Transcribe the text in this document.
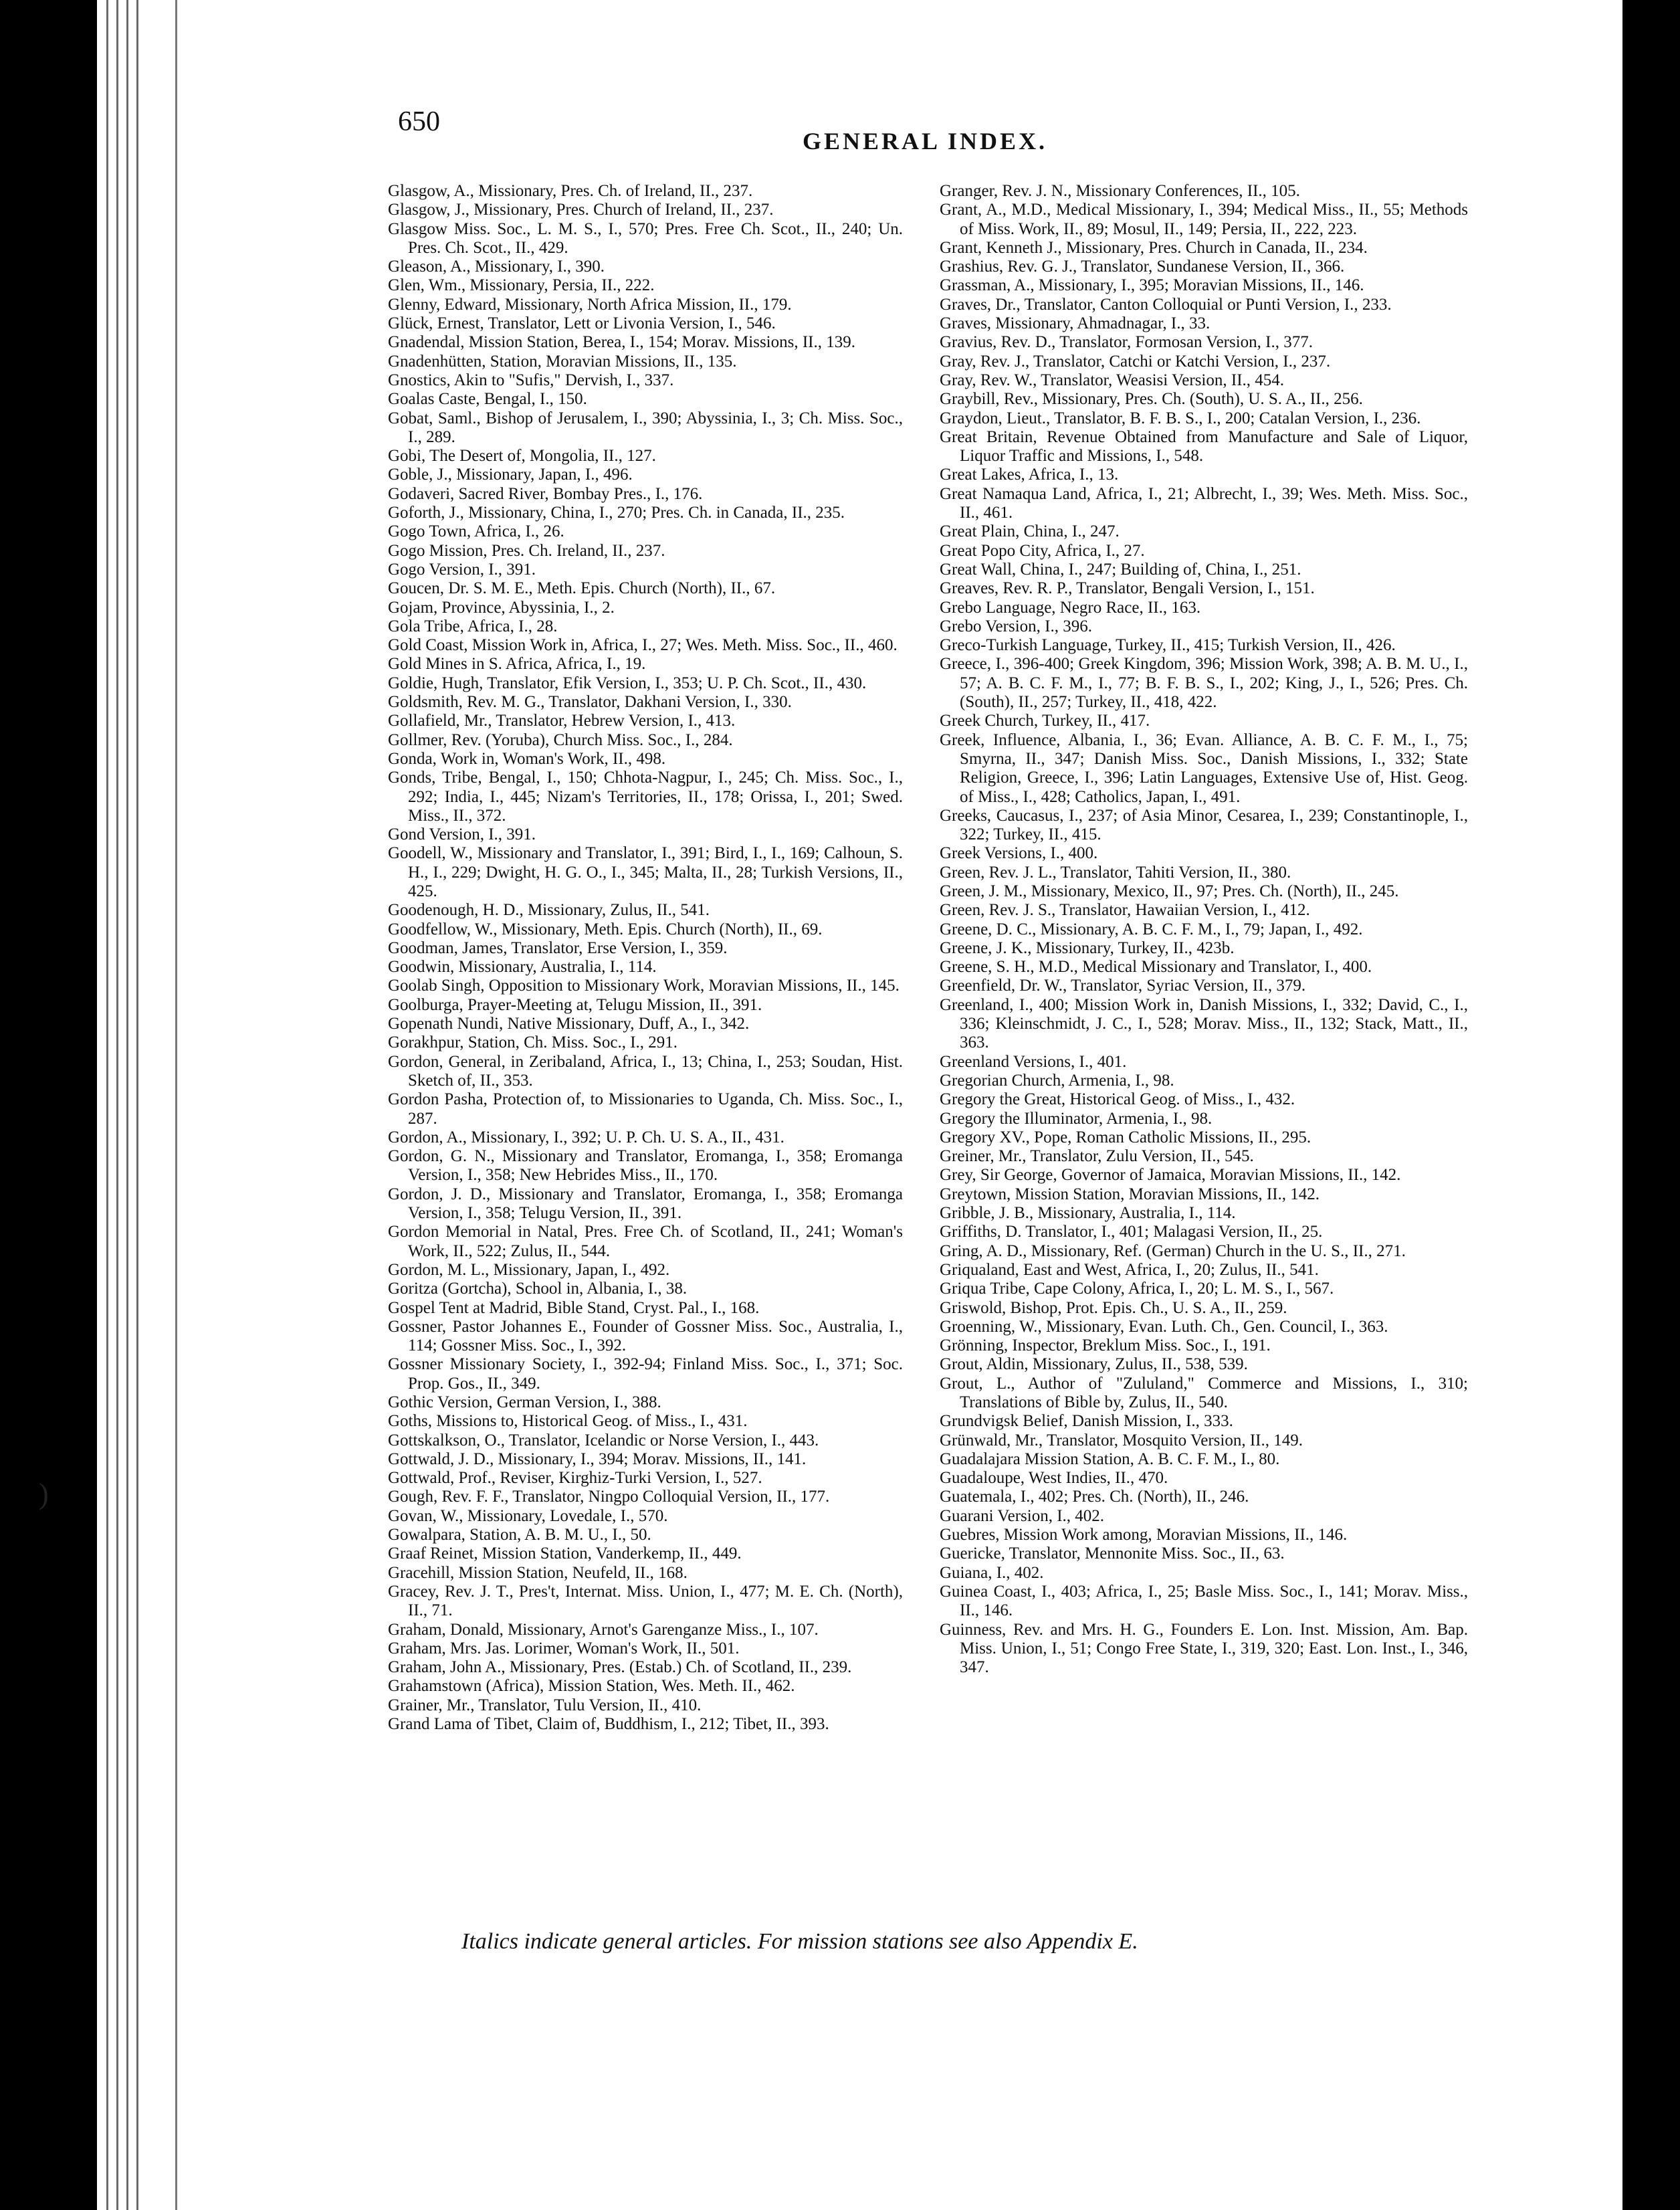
)
650
GENERAL INDEX.

Glasgow, A., Missionary, Pres. Ch. of Ireland, II., 237.

Glasgow, J., Missionary, Pres. Church of Ireland, II., 237.

Glasgow Miss. Soc., L. M. S., I., 570; Pres. Free Ch. Scot., II., 240; Un. Pres. Ch. Scot., II., 429.

Gleason, A., Missionary, I., 390.

Glen, Wm., Missionary, Persia, II., 222.

Glenny, Edward, Missionary, North Africa Mission, II., 179.

Glück, Ernest, Translator, Lett or Livonia Version, I., 546.

Gnadendal, Mission Station, Berea, I., 154; Morav. Missions, II., 139.

Gnadenhütten, Station, Moravian Missions, II., 135.

Gnostics, Akin to "Sufis," Dervish, I., 337.

Goalas Caste, Bengal, I., 150.

Gobat, Saml., Bishop of Jerusalem, I., 390; Abyssinia, I., 3; Ch. Miss. Soc., I., 289.

Gobi, The Desert of, Mongolia, II., 127.

Goble, J., Missionary, Japan, I., 496.

Godaveri, Sacred River, Bombay Pres., I., 176.

Goforth, J., Missionary, China, I., 270; Pres. Ch. in Canada, II., 235.

Gogo Town, Africa, I., 26.

Gogo Mission, Pres. Ch. Ireland, II., 237.

Gogo Version, I., 391.

Goucen, Dr. S. M. E., Meth. Epis. Church (North), II., 67.

Gojam, Province, Abyssinia, I., 2.

Gola Tribe, Africa, I., 28.

Gold Coast, Mission Work in, Africa, I., 27; Wes. Meth. Miss. Soc., II., 460.

Gold Mines in S. Africa, Africa, I., 19.

Goldie, Hugh, Translator, Efik Version, I., 353; U. P. Ch. Scot., II., 430.

Goldsmith, Rev. M. G., Translator, Dakhani Version, I., 330.

Gollafield, Mr., Translator, Hebrew Version, I., 413.

Gollmer, Rev. (Yoruba), Church Miss. Soc., I., 284.

Gonda, Work in, Woman's Work, II., 498.

Gonds, Tribe, Bengal, I., 150; Chhota-Nagpur, I., 245; Ch. Miss. Soc., I., 292; India, I., 445; Nizam's Territories, II., 178; Orissa, I., 201; Swed. Miss., II., 372.

Gond Version, I., 391.

Goodell, W., Missionary and Translator, I., 391; Bird, I., I., 169; Calhoun, S. H., I., 229; Dwight, H. G. O., I., 345; Malta, II., 28; Turkish Versions, II., 425.

Goodenough, H. D., Missionary, Zulus, II., 541.

Goodfellow, W., Missionary, Meth. Epis. Church (North), II., 69.

Goodman, James, Translator, Erse Version, I., 359.

Goodwin, Missionary, Australia, I., 114.

Goolab Singh, Opposition to Missionary Work, Moravian Missions, II., 145.

Goolburga, Prayer-Meeting at, Telugu Mission, II., 391.

Gopenath Nundi, Native Missionary, Duff, A., I., 342.

Gorakhpur, Station, Ch. Miss. Soc., I., 291.

Gordon, General, in Zeribaland, Africa, I., 13; China, I., 253; Soudan, Hist. Sketch of, II., 353.

Gordon Pasha, Protection of, to Missionaries to Uganda, Ch. Miss. Soc., I., 287.

Gordon, A., Missionary, I., 392; U. P. Ch. U. S. A., II., 431.

Gordon, G. N., Missionary and Translator, Eromanga, I., 358; Eromanga Version, I., 358; New Hebrides Miss., II., 170.

Gordon, J. D., Missionary and Translator, Eromanga, I., 358; Eromanga Version, I., 358; Telugu Version, II., 391.

Gordon Memorial in Natal, Pres. Free Ch. of Scotland, II., 241; Woman's Work, II., 522; Zulus, II., 544.

Gordon, M. L., Missionary, Japan, I., 492.

Goritza (Gortcha), School in, Albania, I., 38.

Gospel Tent at Madrid, Bible Stand, Cryst. Pal., I., 168.

Gossner, Pastor Johannes E., Founder of Gossner Miss. Soc., Australia, I., 114; Gossner Miss. Soc., I., 392.

Gossner Missionary Society, I., 392-94; Finland Miss. Soc., I., 371; Soc. Prop. Gos., II., 349.

Gothic Version, German Version, I., 388.

Goths, Missions to, Historical Geog. of Miss., I., 431.

Gottskalkson, O., Translator, Icelandic or Norse Version, I., 443.

Gottwald, J. D., Missionary, I., 394; Morav. Missions, II., 141.

Gottwald, Prof., Reviser, Kirghiz-Turki Version, I., 527.

Gough, Rev. F. F., Translator, Ningpo Colloquial Version, II., 177.

Govan, W., Missionary, Lovedale, I., 570.

Gowalpara, Station, A. B. M. U., I., 50.

Graaf Reinet, Mission Station, Vanderkemp, II., 449.

Gracehill, Mission Station, Neufeld, II., 168.

Gracey, Rev. J. T., Pres't, Internat. Miss. Union, I., 477; M. E. Ch. (North), II., 71.

Graham, Donald, Missionary, Arnot's Garenganze Miss., I., 107.

Graham, Mrs. Jas. Lorimer, Woman's Work, II., 501.

Graham, John A., Missionary, Pres. (Estab.) Ch. of Scotland, II., 239.

Grahamstown (Africa), Mission Station, Wes. Meth. II., 462.

Grainer, Mr., Translator, Tulu Version, II., 410.

Grand Lama of Tibet, Claim of, Buddhism, I., 212; Tibet, II., 393.

Granger, Rev. J. N., Missionary Conferences, II., 105.

Grant, A., M.D., Medical Missionary, I., 394; Medical Miss., II., 55; Methods of Miss. Work, II., 89; Mosul, II., 149; Persia, II., 222, 223.

Grant, Kenneth J., Missionary, Pres. Church in Canada, II., 234.

Grashius, Rev. G. J., Translator, Sundanese Version, II., 366.

Grassman, A., Missionary, I., 395; Moravian Missions, II., 146.

Graves, Dr., Translator, Canton Colloquial or Punti Version, I., 233.

Graves, Missionary, Ahmadnagar, I., 33.

Gravius, Rev. D., Translator, Formosan Version, I., 377.

Gray, Rev. J., Translator, Catchi or Katchi Version, I., 237.

Gray, Rev. W., Translator, Weasisi Version, II., 454.

Graybill, Rev., Missionary, Pres. Ch. (South), U. S. A., II., 256.

Graydon, Lieut., Translator, B. F. B. S., I., 200; Catalan Version, I., 236.

Great Britain, Revenue Obtained from Manufacture and Sale of Liquor, Liquor Traffic and Missions, I., 548.

Great Lakes, Africa, I., 13.

Great Namaqua Land, Africa, I., 21; Albrecht, I., 39; Wes. Meth. Miss. Soc., II., 461.

Great Plain, China, I., 247.

Great Popo City, Africa, I., 27.

Great Wall, China, I., 247; Building of, China, I., 251.

Greaves, Rev. R. P., Translator, Bengali Version, I., 151.

Grebo Language, Negro Race, II., 163.

Grebo Version, I., 396.

Greco-Turkish Language, Turkey, II., 415; Turkish Version, II., 426.

Greece, I., 396-400; Greek Kingdom, 396; Mission Work, 398; A. B. M. U., I., 57; A. B. C. F. M., I., 77; B. F. B. S., I., 202; King, J., I., 526; Pres. Ch. (South), II., 257; Turkey, II., 418, 422.

Greek Church, Turkey, II., 417.

Greek, Influence, Albania, I., 36; Evan. Alliance, A. B. C. F. M., I., 75; Smyrna, II., 347; Danish Miss. Soc., Danish Missions, I., 332; State Religion, Greece, I., 396; Latin Languages, Extensive Use of, Hist. Geog. of Miss., I., 428; Catholics, Japan, I., 491.

Greeks, Caucasus, I., 237; of Asia Minor, Cesarea, I., 239; Constantinople, I., 322; Turkey, II., 415.

Greek Versions, I., 400.

Green, Rev. J. L., Translator, Tahiti Version, II., 380.

Green, J. M., Missionary, Mexico, II., 97; Pres. Ch. (North), II., 245.

Green, Rev. J. S., Translator, Hawaiian Version, I., 412.

Greene, D. C., Missionary, A. B. C. F. M., I., 79; Japan, I., 492.

Greene, J. K., Missionary, Turkey, II., 423b.

Greene, S. H., M.D., Medical Missionary and Translator, I., 400.

Greenfield, Dr. W., Translator, Syriac Version, II., 379.

Greenland, I., 400; Mission Work in, Danish Missions, I., 332; David, C., I., 336; Kleinschmidt, J. C., I., 528; Morav. Miss., II., 132; Stack, Matt., II., 363.

Greenland Versions, I., 401.

Gregorian Church, Armenia, I., 98.

Gregory the Great, Historical Geog. of Miss., I., 432.

Gregory the Illuminator, Armenia, I., 98.

Gregory XV., Pope, Roman Catholic Missions, II., 295.

Greiner, Mr., Translator, Zulu Version, II., 545.

Grey, Sir George, Governor of Jamaica, Moravian Missions, II., 142.

Greytown, Mission Station, Moravian Missions, II., 142.

Gribble, J. B., Missionary, Australia, I., 114.

Griffiths, D. Translator, I., 401; Malagasi Version, II., 25.

Gring, A. D., Missionary, Ref. (German) Church in the U. S., II., 271.

Griqualand, East and West, Africa, I., 20; Zulus, II., 541.

Griqua Tribe, Cape Colony, Africa, I., 20; L. M. S., I., 567.

Griswold, Bishop, Prot. Epis. Ch., U. S. A., II., 259.

Groenning, W., Missionary, Evan. Luth. Ch., Gen. Council, I., 363.

Grönning, Inspector, Breklum Miss. Soc., I., 191.

Grout, Aldin, Missionary, Zulus, II., 538, 539.

Grout, L., Author of "Zululand," Commerce and Missions, I., 310; Translations of Bible by, Zulus, II., 540.

Grundvigsk Belief, Danish Mission, I., 333.

Grünwald, Mr., Translator, Mosquito Version, II., 149.

Guadalajara Mission Station, A. B. C. F. M., I., 80.

Guadaloupe, West Indies, II., 470.

Guatemala, I., 402; Pres. Ch. (North), II., 246.

Guarani Version, I., 402.

Guebres, Mission Work among, Moravian Missions, II., 146.

Guericke, Translator, Mennonite Miss. Soc., II., 63.

Guiana, I., 402.

Guinea Coast, I., 403; Africa, I., 25; Basle Miss. Soc., I., 141; Morav. Miss., II., 146.

Guinness, Rev. and Mrs. H. G., Founders E. Lon. Inst. Mission, Am. Bap. Miss. Union, I., 51; Congo Free State, I., 319, 320; East. Lon. Inst., I., 346, 347.

Italics indicate general articles. For mission stations see also Appendix E.
